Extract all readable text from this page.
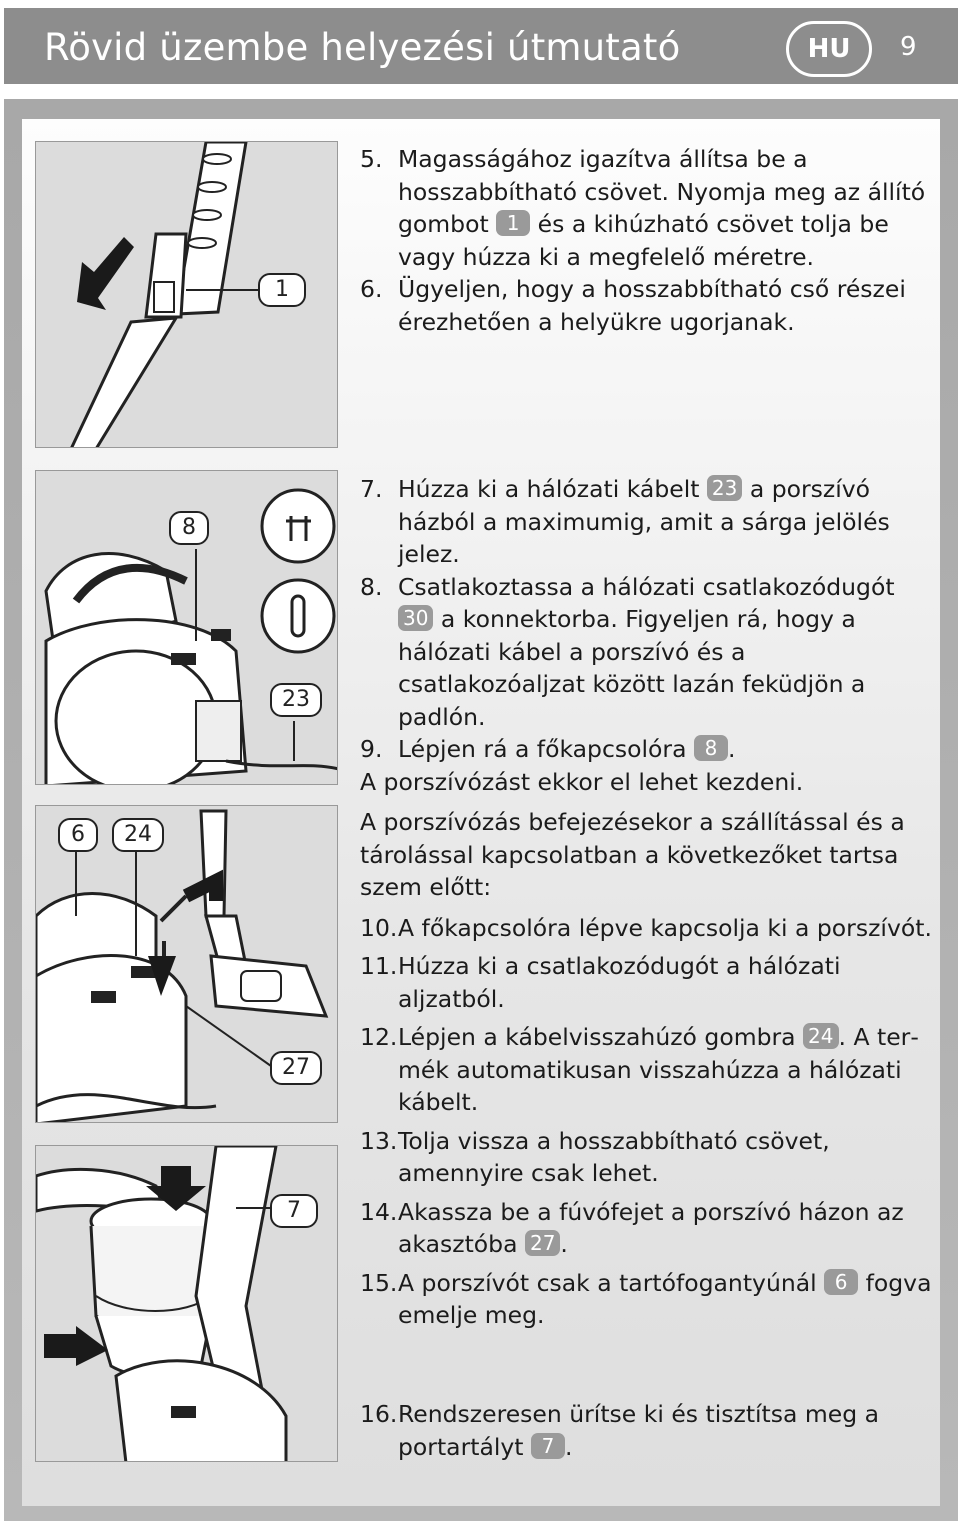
Rövid üzembe helyezési útmutató	HU	9
1
8
23
6	24
27
7

5. Magasságához igazítva állítsa be a hosszabbítható csövet. Nyomja meg az állító gombot 1 és a kihúzható csövet tolja be vagy húzza ki a megfelelő méretre.

6. Ügyeljen, hogy a hosszabbítható cső részei érezhetően a helyükre ugorjanak.

7. Húzza ki a hálózati kábelt 23 a porszívó házból a maximumig, amit a sárga jelölés jelez.

8. Csatlakoztassa a hálózati csatlakozódugót 30 a konnektorba. Figyeljen rá, hogy a hálózati kábel a porszívó és a csatlakozóaljzat között lazán feküdjön a padlón.

9. Lépjen rá a főkapcsolóra 8 .

A porszívózást ekkor el lehet kezdeni.

A porszívózás befejezésekor a szállítással és a tárolással kapcsolatban a következőket tartsa szem előtt:

10. A főkapcsolóra lépve kapcsolja ki a porszívót.

11. Húzza ki a csatlakozódugót a hálózati aljzatból.

12. Lépjen a kábelvisszahúzó gombra 24 . A termék automatikusan visszahúzza a hálózati kábelt.

13. Tolja vissza a hosszabbítható csövet, amennyire csak lehet.

14. Akassza be a fúvófejet a porszívó házon az akasztóba 27 .

15. A porszívót csak a tartófogantyúnál 6 fogva emelje meg.

16. Rendszeresen ürítse ki és tisztítsa meg a portartályt 7 .
